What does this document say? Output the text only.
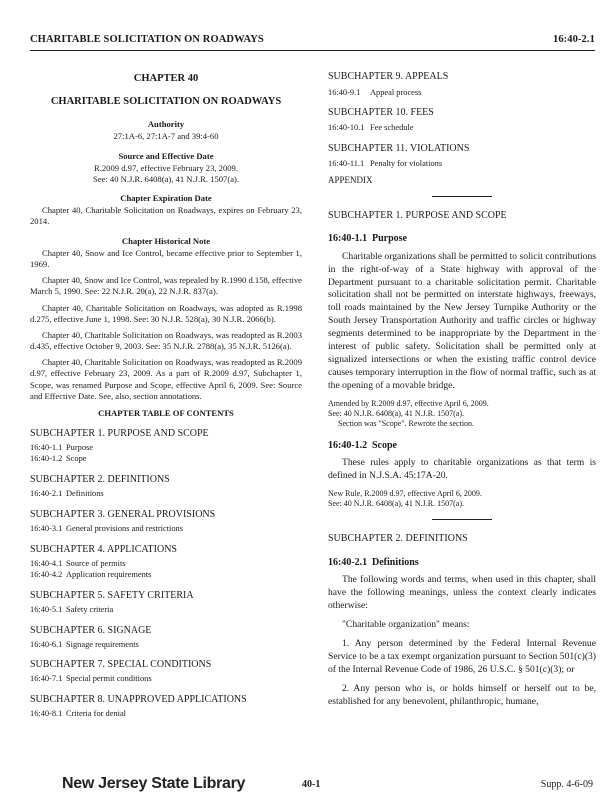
CHARITABLE SOLICITATION ON ROADWAYS	16:40-2.1
CHAPTER 40
CHARITABLE SOLICITATION ON ROADWAYS
Authority
27:1A-6, 27:1A-7 and 39:4-60
Source and Effective Date
R.2009 d.97, effective February 23, 2009.
See: 40 N.J.R. 6408(a), 41 N.J.R. 1507(a).
Chapter Expiration Date

Chapter 40, Charitable Solicitation on Roadways, expires on February 23, 2014.

Chapter Historical Note

Chapter 40, Snow and Ice Control, became effective prior to September 1, 1969.

Chapter 40, Snow and Ice Control, was repealed by R.1990 d.158, effective March 5, 1990. See: 22 N.J.R. 20(a), 22 N.J.R. 837(a).

Chapter 40, Charitable Solicitation on Roadways, was adopted as R.1998 d.275, effective June 1, 1998. See: 30 N.J.R. 528(a), 30 N.J.R. 2066(b).

Chapter 40, Charitable Solicitation on Roadways, was readopted as R.2003 d.435, effective October 9, 2003. See: 35 N.J.R. 2788(a), 35 N.J.R. 5126(a).

Chapter 40, Charitable Solicitation on Roadways, was readopted as R.2009 d.97, effective February 23, 2009. As a part of R.2009 d.97, Subchapter 1, Scope, was renamed Purpose and Scope, effective April 6, 2009. See: Source and Effective Date. See, also, section annotations.

CHAPTER TABLE OF CONTENTS
SUBCHAPTER 1. PURPOSE AND SCOPE
16:40-1.1 Purpose
16:40-1.2 Scope
SUBCHAPTER 2. DEFINITIONS
16:40-2.1 Definitions
SUBCHAPTER 3. GENERAL PROVISIONS
16:40-3.1 General provisions and restrictions
SUBCHAPTER 4. APPLICATIONS
16:40-4.1 Source of permits
16:40-4.2 Application requirements
SUBCHAPTER 5. SAFETY CRITERIA
16:40-5.1 Safety criteria
SUBCHAPTER 6. SIGNAGE
16:40-6.1 Signage requirements
SUBCHAPTER 7. SPECIAL CONDITIONS
16:40-7.1 Special permit conditions
SUBCHAPTER 8. UNAPPROVED APPLICATIONS
16:40-8.1 Criteria for denial
SUBCHAPTER 9. APPEALS
16:40-9.1 Appeal process
SUBCHAPTER 10. FEES
16:40-10.1 Fee schedule
SUBCHAPTER 11. VIOLATIONS
16:40-11.1 Penalty for violations
APPENDIX
SUBCHAPTER 1. PURPOSE AND SCOPE
16:40-1.1 Purpose

Charitable organizations shall be permitted to solicit contributions in the right-of-way of a State highway with approval of the Department pursuant to a charitable solicitation permit. Charitable solicitation shall not be permitted on interstate highways, freeways, toll roads maintained by the New Jersey Turnpike Authority or the South Jersey Transportation Authority and traffic circles or highway segments determined to be inappropriate by the Department in the interest of public safety. Solicitation shall be permitted only at signalized intersections or when the existing traffic control device causes temporary interruption in the flow of normal traffic, such as at the opening of a movable bridge.

Amended by R.2009 d.97, effective April 6, 2009.
See: 40 N.J.R. 6408(a), 41 N.J.R. 1507(a).
Section was "Scope". Rewrote the section.
16:40-1.2 Scope

These rules apply to charitable organizations as that term is defined in N.J.S.A. 45:17A-20.

New Rule, R.2009 d.97, effective April 6, 2009.
See: 40 N.J.R. 6408(a), 41 N.J.R. 1507(a).
SUBCHAPTER 2. DEFINITIONS
16:40-2.1 Definitions

The following words and terms, when used in this chapter, shall have the following meanings, unless the context clearly indicates otherwise:

"Charitable organization" means:

1. Any person determined by the Federal Internal Revenue Service to be a tax exempt organization pursuant to Section 501(c)(3) of the Internal Revenue Code of 1986, 26 U.S.C. § 501(c)(3); or

2. Any person who is, or holds himself or herself out to be, established for any benevolent, philanthropic, humane,

New Jersey State Library	40-1	Supp. 4-6-09
